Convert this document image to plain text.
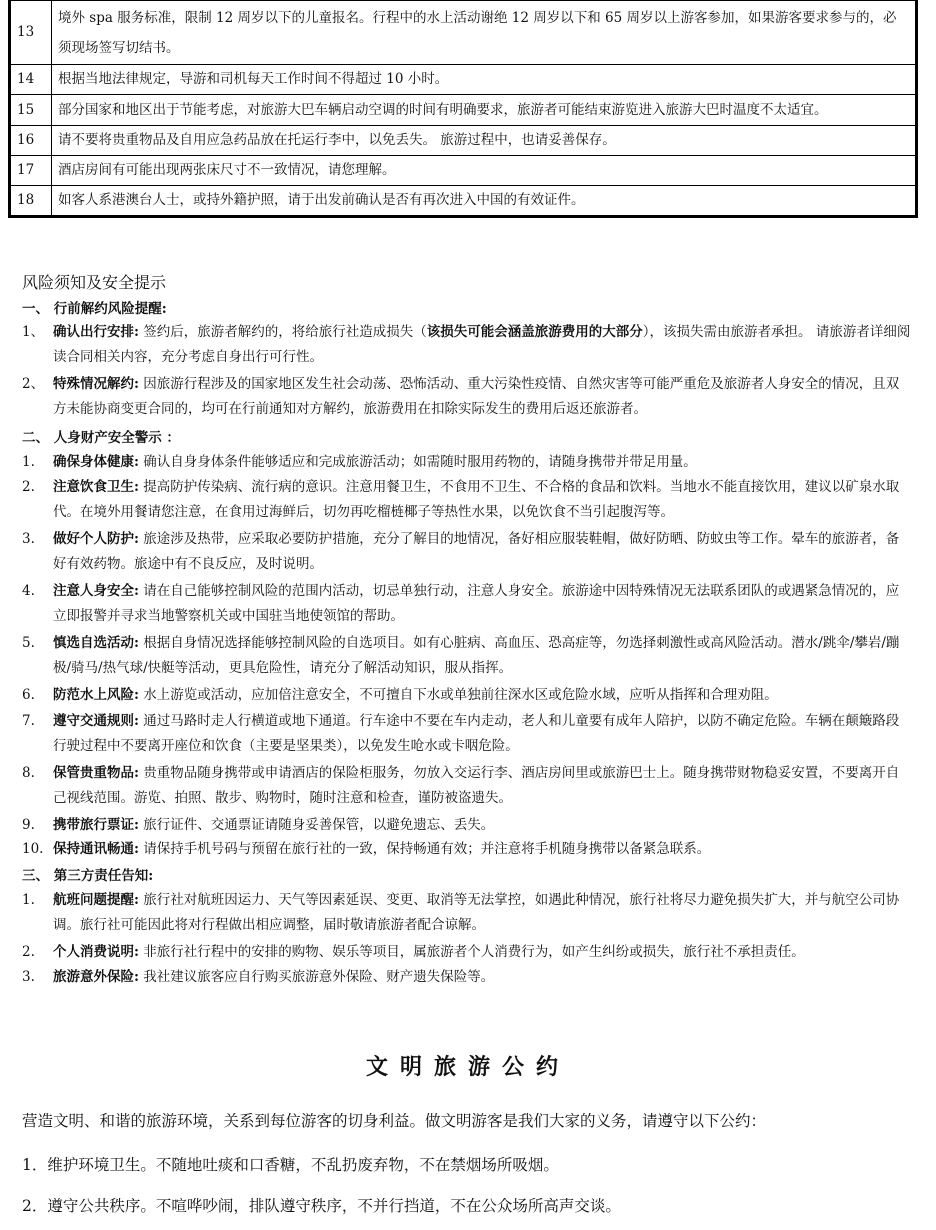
13	境外 spa 服务标准，限制 12 周岁以下的儿童报名。行程中的水上活动谢绝 12 周岁以下和 65 周岁以上游客参加，如果游客要求参与的，必须现场签写切结书。
14	根据当地法律规定，导游和司机每天工作时间不得超过 10 小时。
15	部分国家和地区出于节能考虑，对旅游大巴车辆启动空调的时间有明确要求，旅游者可能结束游览进入旅游大巴时温度不太适宜。
16	请不要将贵重物品及自用应急药品放在托运行李中，以免丢失。 旅游过程中，也请妥善保存。
17	酒店房间有可能出现两张床尺寸不一致情况，请您理解。
18	如客人系港澳台人士，或持外籍护照，请于出发前确认是否有再次进入中国的有效证件。
风险须知及安全提示
一、 行前解约风险提醒:
1、 确认出行安排: 签约后，旅游者解约的，将给旅行社造成损失（该损失可能会涵盖旅游费用的大部分），该损失需由旅游者承担。 请旅游者详细阅读合同相关内容，充分考虑自身出行可行性。
2、 特殊情况解约: 因旅游行程涉及的国家地区发生社会动荡、恐怖活动、重大污染性疫情、自然灾害等可能严重危及旅游者人身安全的情况，且双方未能协商变更合同的，均可在行前通知对方解约，旅游费用在扣除实际发生的费用后返还旅游者。
二、 人身财产安全警示 ：
1. 确保身体健康: 确认自身身体条件能够适应和完成旅游活动；如需随时服用药物的，请随身携带并带足用量。
2. 注意饮食卫生: 提高防护传染病、流行病的意识。注意用餐卫生，不食用不卫生、不合格的食品和饮料。当地水不能直接饮用，建议以矿泉水取代。在境外用餐请您注意，在食用过海鲜后，切勿再吃榴梿椰子等热性水果，以免饮食不当引起腹泻等。
3. 做好个人防护: 旅途涉及热带，应采取必要防护措施，充分了解目的地情况，备好相应服装鞋帽，做好防晒、防蚊虫等工作。晕车的旅游者，备好有效药物。旅途中有不良反应，及时说明。
4. 注意人身安全: 请在自己能够控制风险的范围内活动，切忌单独行动，注意人身安全。旅游途中因特殊情况无法联系团队的或遇紧急情况的，应立即报警并寻求当地警察机关或中国驻当地使领馆的帮助。
5. 慎选自选活动: 根据自身情况选择能够控制风险的自选项目。如有心脏病、高血压、恐高症等，勿选择刺激性或高风险活动。潜水/跳伞/攀岩/蹦极/骑马/热气球/快艇等活动，更具危险性，请充分了解活动知识，服从指挥。
6. 防范水上风险: 水上游览或活动，应加倍注意安全，不可擅自下水或单独前往深水区或危险水域，应听从指挥和合理劝阻。
7. 遵守交通规则: 通过马路时走人行横道或地下通道。行车途中不要在车内走动，老人和儿童要有成年人陪护，以防不确定危险。车辆在颠簸路段行驶过程中不要离开座位和饮食（主要是坚果类），以免发生呛水或卡咽危险。
8. 保管贵重物品: 贵重物品随身携带或申请酒店的保险柜服务，勿放入交运行李、酒店房间里或旅游巴士上。随身携带财物稳妥安置，不要离开自己视线范围。游览、拍照、散步、购物时，随时注意和检查，谨防被盗遗失。
9. 携带旅行票证: 旅行证件、交通票证请随身妥善保管，以避免遗忘、丢失。
10. 保持通讯畅通: 请保持手机号码与预留在旅行社的一致，保持畅通有效；并注意将手机随身携带以备紧急联系。
三、 第三方责任告知:
1. 航班问题提醒: 旅行社对航班因运力、天气等因素延误、变更、取消等无法掌控，如遇此种情况，旅行社将尽力避免损失扩大，并与航空公司协调。旅行社可能因此将对行程做出相应调整，届时敬请旅游者配合谅解。
2. 个人消费说明: 非旅行社行程中的安排的购物、娱乐等项目，属旅游者个人消费行为，如产生纠纷或损失，旅行社不承担责任。
3. 旅游意外保险: 我社建议旅客应自行购买旅游意外保险、财产遗失保险等。
文明旅游公约
营造文明、和谐的旅游环境，关系到每位游客的切身利益。做文明游客是我们大家的义务，请遵守以下公约：
1．维护环境卫生。不随地吐痰和口香糖，不乱扔废弃物，不在禁烟场所吸烟。
2．遵守公共秩序。不喧哗吵闹，排队遵守秩序，不并行挡道，不在公众场所高声交谈。
